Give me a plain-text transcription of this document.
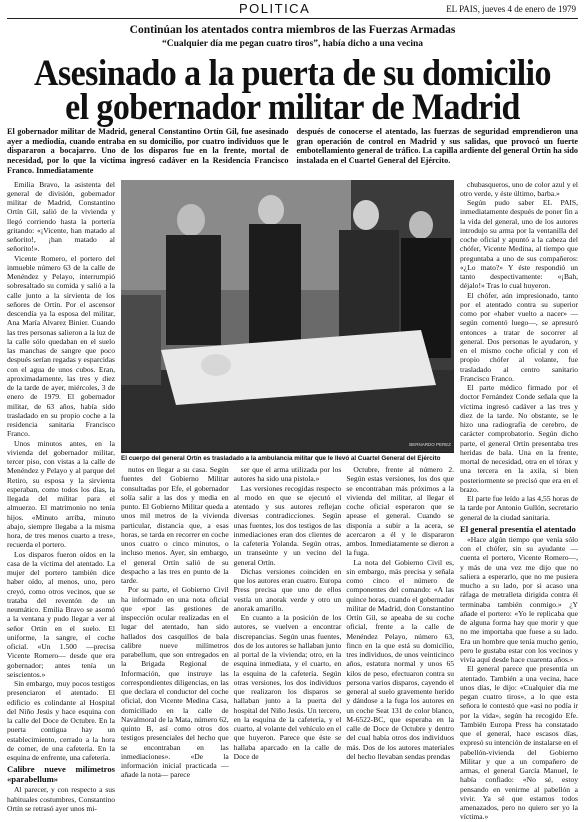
POLITICA	EL PAIS, jueves 4 de enero de 1979
Continúan los atentados contra miembros de las Fuerzas Armadas
“Cualquier día me pegan cuatro tiros”, había dicho a una vecina
Asesinado a la puerta de su domicilio
el gobernador militar de Madrid
El gobernador militar de Madrid, general Constantino Ortín Gil, fue asesinado ayer a mediodía, cuando entraba en su domicilio, por cuatro individuos que le dispararon a bocajarro. Uno de los disparos fue en la frente, mortal de necesidad, por lo que la víctima ingresó cadáver en la Residencia Francisco Franco. Inmediatamente
después de conocerse el atentado, las fuerzas de seguridad emprendieron una gran operación de control en Madrid y sus salidas, que provocó un fuerte embotellamiento general de tráfico. La capilla ardiente del general Ortín ha sido instalada en el Cuartel General del Ejército.

Emilia Bravo, la asistenta del general de división, gobernador militar de Madrid, Constantino Ortín Gil, salió de la vivienda y llegó corriendo hasta la portería gritando: «¡Vicente, han matado al señorito!, ¡han matado al señorito!».

Vicente Romero, el portero del inmueble número 63 de la calle de Menéndez y Pelayo, interrumpió sobresaltado su comida y salió a la calle junto a la sirvienta de los señores de Ortín. Por el ascensor descendía ya la esposa del militar, Ana María Alvarez Binier. Cuando las tres personas salieron a la luz de la calle sólo quedaban en el suelo las manchas de sangre que poco después serían regadas y esparcidas con el agua de unos cubos. Eran, aproximadamente, las tres y diez de la tarde de ayer, miércoles, 3 de enero de 1979. El gobernador militar, de 63 años, había sido trasladado en su propio coche a la residencia sanitaria Francisco Franco.

Unos minutos antes, en la vivienda del gobernador militar, tercer piso, con vistas a la calle de Menéndez y Pelayo y al parque del Retiro, su esposa y la sirvienta esperaban, como todos los días, la llegada del militar para el almuerzo. El matrimonio no tenía hijos. «Minuto arriba, minuto abajo, siempre llegaba a la misma hora, de tres menos cuarto a tres», recuerda el portero.

Los disparos fueron oídos en la casa de la víctima del atentado. La mujer del portero también dice haber oído, al menos, uno, pero creyó, como otros vecinos, que se trataba del reventón de un neumático. Emilia Bravo se asomó a la ventana y pudo llegar a ver al señor Ortín en el suelo. El uniforme, la sangre, el coche oficial. «Un 1.500 —precisa Vicente Romero— desde que era gobernador; antes tenía un seiscientos.»

Sin embargo, muy pocos testigos presenciaron el atentado. El edificio es colindante al Hospital del Niño Jesús y hace esquina con la calle del Doce de Octubre. En la puerta contigua hay un establecimiento, cerrado a la hora de comer, de una cafetería. En la esquina de enfrente, una cafetería.

Calibre nueve milímetros «parabellum»

Al parecer, y con respecto a sus habituales costumbres, Constantino Ortín se retrasó ayer unos mi-

BERNARDO PEREZ
El cuerpo del general Ortín es trasladado a la ambulancia militar que le llevó al Cuartel General del Ejército

nutos en llegar a su casa. Según fuentes del Gobierno Militar consultadas por Efe, el gobernador solía salir a las dos y media en punto. El Gobierno Militar queda a unos mil metros de la vivienda particular, distancia que, a esas horas, se tarda en recorrer en coche unos cuatro o cinco minutos, o incluso menos. Ayer, sin embargo, el general Ortín salió de su despacho a las tres en punto de la tarde.

Por su parte, el Gobierno Civil ha informado en una nota oficial que «por las gestiones de inspección ocular realizadas en el lugar del atentado, han sido hallados dos casquillos de bala calibre nueve milímetros parabellum, que son entregados en la Brigada Regional de Información, que instruye las correspondientes diligencias, en las que declara el conductor del coche oficial, don Vicente Medina Casa, domiciliado en la calle de Navalmoral de la Mata, número 62, quinto B, así como otros dos testigos presenciales del hecho que se encontraban en las inmediaciones». «De la información inicial practicada —añade la nota— parece

ser que el arma utilizada por los autores ha sido una pistola.»

Las versiones recogidas respecto al modo en que se ejecutó el atentado y sus autores reflejan diversas contradicciones. Según unas fuentes, los dos testigos de las inmediaciones eran dos clientes de la cafetería Yolanda. Según otras, un transeúnte y un vecino del general Ortín.

Dichas versiones coinciden en que los autores eran cuatro. Europa Press precisa que uno de ellos vestía un anorak verde y otro un anorak amarillo.

En cuanto a la posición de los autores, se vuelven a encontrar discrepancias. Según unas fuentes, dos de los autores se hallaban junto al portal de la vivienda; otro, en la esquina inmediata, y el cuarto, en la esquina de la cafetería. Según otras versiones, los dos individuos que realizaron los disparos se hallaban junto a la puerta del hospital del Niño Jesús. Un tercero, en la esquina de la cafetería, y el cuarto, al volante del vehículo en el que huyeron. Parece que éste se hallaba aparcado en la calle de Doce de

Octubre, frente al número 2. Según estas versiones, los dos que se encontraban más próximos a la vivienda del militar, al llegar el coche oficial esperaron que se apease el general. Cuando se disponía a subir a la acera, se acercaron a él y le dispararon ambos. Inmediatamente se dieron a la fuga.

La nota del Gobierno Civil es, sin embargo, más precisa y señala como cinco el número de componentes del comando: «A las quince horas, cuando el gobernador militar de Madrid, don Constantino Ortín Gil, se apeaba de su coche oficial, frente a la calle de Menéndez Pelayo, número 63, fincn en la que está su domicilio, tres individuos, de unos veinticinco años, estatura normal y unos 65 kilos de peso, efectuaron contra su persona varios disparos, cayendo el general al suelo gravemente herido y dándose a la fuga los autores en un coche Seat 131 de color blanco, M-6522-BC, que esperaba en la calle de Doce de Octubre y dentro del cual había otros dos individuos más. Dos de los autores materiales del hecho llevaban sendas prendas

chubasqueros, uno de color azul y el otro verde, y éste último, barba.»

Según pudo saber EL PAIS, inmediatamente después de poner fin a la vida del general, uno de los autores introdujo su arma por la ventanilla del coche oficial y apuntó a la cabeza del chófer, Vicente Medina, al tiempo que preguntaba a uno de sus compañeros: «¿Lo mato?» Y éste respondió un tanto despectivamente: «¡Bah, déjalo!» Tras lo cual huyeron.

El chófer, aún impresionado, tanto por el atentado contra su superior como por «haber vuelto a nacer» —según comentó luego—, se apresuró entonces a tratar de socorrer al general. Dos personas le ayudaron, y en el mismo coche oficial y con el propio chófer al volante, fue trasladado al centro sanitario Francisco Franco.

El parte médico firmado por el doctor Fernández Conde señala que la víctima ingresó cadáver a las tres y diez de la tarde. No obstante, se le hizo una radiografía de cerebro, de carácter comprobatorio. Según dicho parte, el general Ortín presentaba tres heridas de bala. Una en la frente, mortal de necesidad, otra en el tórax y una tercera en la axila, si bien posteriormente se precisó que era en el brazo.

El parte fue leído a las 4,55 horas de la tarde por Antonio Gullón, secretario general de la ciudad sanitaria.

El general presentía el atentado

«Hace algún tiempo que venía sólo con el chófer, sin su ayudante —cuenta el portero, Vicente Romero—, y más de una vez me dijo que no saliera a esperarlo, que no me pusiera mucho a su lado, por si acaso una ráfaga de metralleta dirigida contra él terminaba también conmigo.» ¿Y añade el portero: «Yo le replicaba que de alguna forma hay que morir y que no me importaba que fuese a su lado. Era un hombre que tenía mucho genio, pero le gustaba estar con los vecinos y vivía aquí desde hace cuarenta años.»

El general parece que presentía un atentado. También a una vecina, hace unos días, le dijo: «Cualquier día me pegan cuatro tiros», a lo que esta señora le contestó que «así no podía ir por la vida», según ha recogido Efe. También Europa Press ha constatado que el general, hace escasos días, expresó su intención de instalarse en el pabellón-vivienda del Gobierno Militar y que a un compañero de armas, el general García Manuel, le había confiado: «No sé, estoy pensando en venirme al pabellón a vivir. Ya sé que estamos todos amenazados, pero no quiero ser yo la víctima.»
